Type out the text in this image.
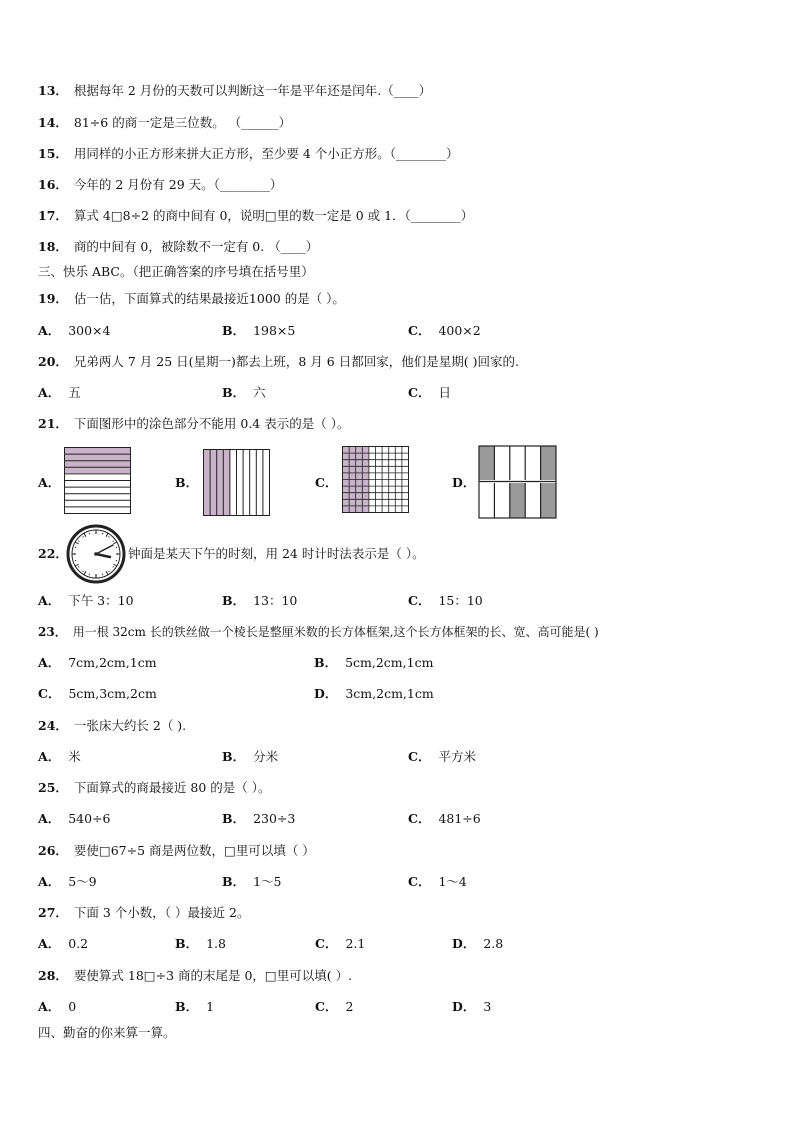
13． 根据每年 2 月份的天数可以判断这一年是平年还是闰年.（____）
14． 81÷6 的商一定是三位数。 （______）
15． 用同样的小正方形来拼大正方形，至少要 4 个小正方形。（________）
16． 今年的 2 月份有 29 天。（________）
17． 算式 4□8÷2 的商中间有 0，说明□里的数一定是 0 或 1．（________）
18． 商的中间有 0，被除数不一定有 0. （____）
三、快乐 ABC。（把正确答案的序号填在括号里）
19． 估一估，下面算式的结果最接近1000 的是（ ）。
A． 300×4	B． 198×5	C． 400×2
20． 兄弟两人 7 月 25 日(星期一)都去上班，8 月 6 日都回家，他们是星期( )回家的.
A． 五	B． 六	C． 日
21． 下面图形中的涂色部分不能用 0.4 表示的是（ ）。
A．	B．	C．	D．
22．	钟面是某天下午的时刻，用 24 时计时法表示是（ ）。
A． 下午 3：10	B． 13：10	C． 15：10
23． 用一根 32cm 长的铁丝做一个棱长是整厘米数的长方体框架,这个长方体框架的长、宽、高可能是( )
A． 7cm,2cm,1cm	B． 5cm,2cm,1cm
C． 5cm,3cm,2cm	D． 3cm,2cm,1cm
24． 一张床大约长 2（ ).
A． 米	B． 分米	C． 平方米
25． 下面算式的商最接近 80 的是（ ）。
A． 540÷6	B． 230÷3	C． 481÷6
26． 要使□67÷5 商是两位数，□里可以填（ ）
A． 5～9	B． 1～5	C． 1～4
27． 下面 3 个小数，（ ）最接近 2。
A． 0.2	B． 1.8	C． 2.1	D． 2.8
28． 要使算式 18□÷3 商的末尾是 0，□里可以填( ）.
A． 0	B． 1	C． 2	D． 3
四、勤奋的你来算一算。
